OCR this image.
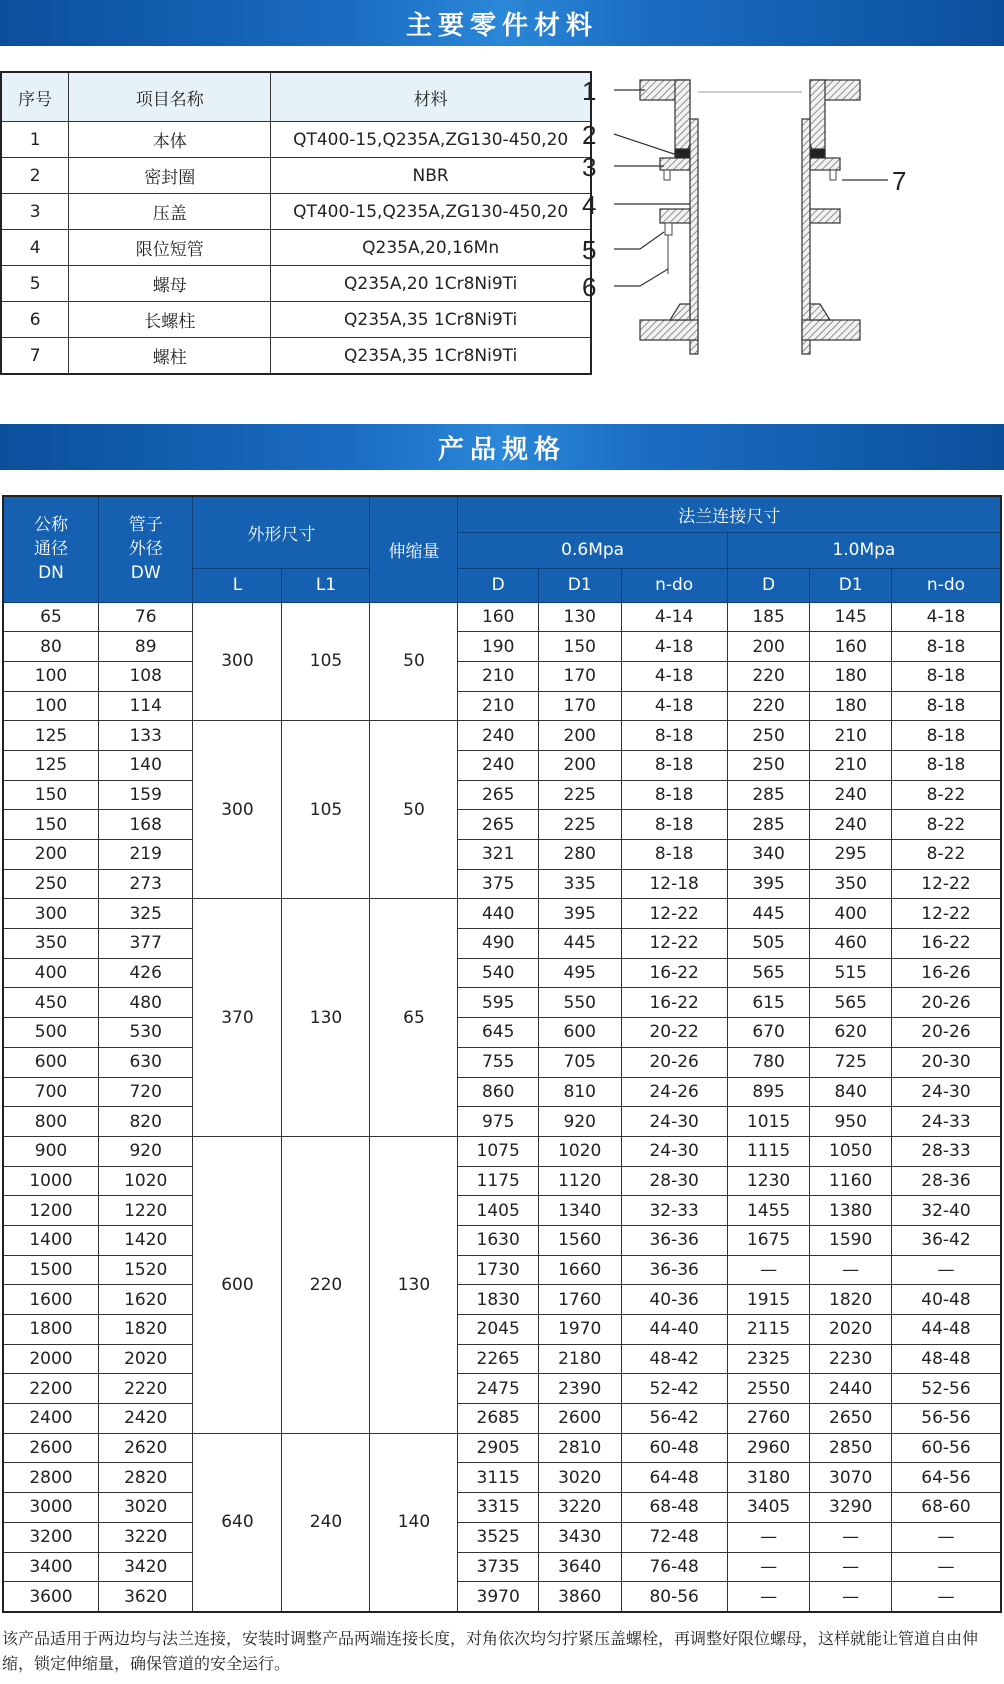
主要零件材料
序号	项目名称	材料
1	本体	QT400-15,Q235A,ZG130-450,20
2	密封圈	NBR
3	压盖	QT400-15,Q235A,ZG130-450,20
4	限位短管	Q235A,20,16Mn
5	螺母	Q235A,20 1Cr8Ni9Ti
6	长螺柱	Q235A,35 1Cr8Ni9Ti
7	螺柱	Q235A,35 1Cr8Ni9Ti
1
2
3
4
5
6
7
产品规格
公称
通径
DN	管子
外径
DW	外形尺寸		伸缩量	法兰连接尺寸					
					0.6Mpa			1.0Mpa		
		L	L1		D	D1	n-do	D	D1	n-do
65	76	300	105	50	160	130	4-14	185	145	4-18
80	89				190	150	4-18	200	160	8-18
100	108				210	170	4-18	220	180	8-18
100	114				210	170	4-18	220	180	8-18
125	133	300	105	50	240	200	8-18	250	210	8-18
125	140				240	200	8-18	250	210	8-18
150	159				265	225	8-18	285	240	8-22
150	168				265	225	8-18	285	240	8-22
200	219				321	280	8-18	340	295	8-22
250	273				375	335	12-18	395	350	12-22
300	325	370	130	65	440	395	12-22	445	400	12-22
350	377				490	445	12-22	505	460	16-22
400	426				540	495	16-22	565	515	16-26
450	480				595	550	16-22	615	565	20-26
500	530				645	600	20-22	670	620	20-26
600	630				755	705	20-26	780	725	20-30
700	720				860	810	24-26	895	840	24-30
800	820				975	920	24-30	1015	950	24-33
900	920	600	220	130	1075	1020	24-30	1115	1050	28-33
1000	1020				1175	1120	28-30	1230	1160	28-36
1200	1220				1405	1340	32-33	1455	1380	32-40
1400	1420				1630	1560	36-36	1675	1590	36-42
1500	1520				1730	1660	36-36	—	—	—
1600	1620				1830	1760	40-36	1915	1820	40-48
1800	1820				2045	1970	44-40	2115	2020	44-48
2000	2020				2265	2180	48-42	2325	2230	48-48
2200	2220				2475	2390	52-42	2550	2440	52-56
2400	2420				2685	2600	56-42	2760	2650	56-56
2600	2620	640	240	140	2905	2810	60-48	2960	2850	60-56
2800	2820				3115	3020	64-48	3180	3070	64-56
3000	3020				3315	3220	68-48	3405	3290	68-60
3200	3220				3525	3430	72-48	—	—	—
3400	3420				3735	3640	76-48	—	—	—
3600	3620				3970	3860	80-56	—	—	—
该产品适用于两边均与法兰连接，安装时调整产品两端连接长度，对角依次均匀拧紧压盖螺栓，再调整好限位螺母，这样就能让管道自由伸缩，锁定伸缩量，确保管道的安全运行。
